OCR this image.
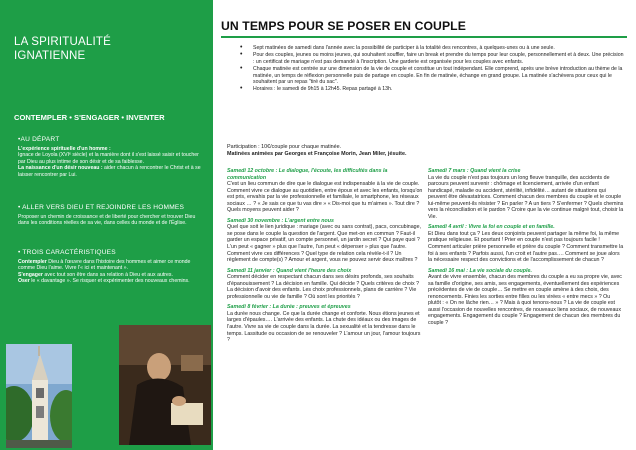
LA SPIRITUALITÉ
IGNATIENNE
CONTEMPLER • S'ENGAGER • INVENTER
•AU DÉPART

L'expérience spirituelle d'un homme :
Ignace de Loyola (XVIᵉ siècle) et la manière dont il s'est laissé saisir et toucher par Dieu au plus intime de son désir et de sa faiblesse.

La naissance d'un désir nouveau : aider chacun à rencontrer le Christ et à se laisser rencontrer par Lui.

• ALLER VERS DIEU ET REJOINDRE LES HOMMES

Proposer un chemin de croissance et de liberté pour chercher et trouver Dieu dans les conditions réelles de sa vie, dans celles du monde et de l'Église.

• TROIS CARACTÉRISTIQUES

Contempler Dieu à l'œuvre dans l'histoire des hommes et aimer ce monde comme Dieu l'aime. Vivre l'« ici et maintenant ».

S'engager avec tout son être dans sa relation à Dieu et aux autres.

Oser le « davantage ». Se risquer et expérimenter des nouveaux chemins.

UN TEMPS POUR SE POSER EN COUPLE
• Sept matinées de samedi dans l'année avec la possibilité de participer à la totalité des rencontres, à quelques-unes ou à une seule.
• Pour des couples, jeunes ou moins jeunes, qui souhaitent souffler, faire un break et prendre du temps pour leur couple, personnellement et à deux. Une précision : un certificat de mariage n'est pas demandé à l'inscription. Une garderie est organisée pour les couples avec enfants.
• Chaque matinée est centrée sur une dimension de la vie de couple et constitue un tout indépendant. Elle comprend, après une brève introduction au thème de la matinée, un temps de réflexion personnelle puis de partage en couple. En fin de matinée, échange en grand groupe. La matinée s'achèvera pour ceux qui le souhaitent par un repas "tiré du sac".
• Horaires : le samedi de 9h15 à 12h45. Repas partagé à 13h.
Participation : 10€/couple pour chaque matinée.
Matinées animées par Georges et Françoise Morin, Jean Miler, jésuite.
Samedi 12 octobre : Le dialogue, l'écoute, les difficultés dans la communication

C'est un lieu commun de dire que le dialogue est indispensable à la vie de couple. Comment vivre ce dialogue au quotidien, entre époux et avec les enfants, lorsqu'on est pris, envahis par la vie professionnelle et familiale, le smartphone, les réseaux sociaux … ? « Je sais ce que tu vas dire » « Dis-moi que tu m'aimes ». Tout dire ? Quels moyens peuvent aider ?

Samedi 30 novembre : L'argent entre nous

Quel que soit le lien juridique : mariage (avec ou sans contrat), pacs, concubinage, se pose dans le couple la question de l'argent. Que met-on en commun ? Faut-il garder un espace privatif, un compte personnel, un jardin secret ? Qui paye quoi ? L'un peut « gagner » plus que l'autre, l'un peut « dépenser » plus que l'autre. Comment vivre ces différences ? Quel type de relation cela révèle-t-il ? Un règlement de compte(s) ? Amour et argent, vous ne pouvez servir deux maîtres ?

Samedi 11 janvier : Quand vient l'heure des choix

Comment décider en respectant chacun dans ses désirs profonds, ses souhaits d'épanouissement ? La décision en famille. Qui décide ? Quels critères de choix ? La décision d'avoir des enfants. Les choix professionnels, plans de carrière ? Vie professionnelle ou vie de famille ? Où sont les priorités ?

Samedi 8 février : La durée : preuves et épreuves

La durée nous change. Ce que la durée change et conforte. Nous étions jeunes et larges d'épaules…. L'arrivée des enfants. La chute des idéaux ou des images de l'autre. Vivre sa vie de couple dans la durée. La sexualité et la tendresse dans le temps. Lassitude ou occasion de se renouveler ? L'amour un jour, l'amour toujours ?

Samedi 7 mars : Quand vient la crise

La vie du couple n'est pas toujours un long fleuve tranquille, des accidents de parcours peuvent survenir : chômage et licenciement, arrivée d'un enfant handicapé, maladie ou accident, stérilité, infidélité… autant de situations qui peuvent être dévastatrices. Comment chacun des membres du couple et le couple lui-même peuvent-ils résister ? En parler ? A un tiers ? S'enfermer ? Quels chemins vers la réconciliation et le pardon ? Croire que la vie continue malgré tout, choisir la Vie.

Samedi 4 avril : Vivre la foi en couple et en famille.

Et Dieu dans tout ça ? Les deux conjoints peuvent partager la même foi, la même pratique religieuse. Et pourtant ! Prier en couple n'est pas toujours facile ! Comment articuler prière personnelle et prière du couple ? Comment transmettre la foi à ses enfants ? Parfois aussi, l'un croit et l'autre pas…. Comment se joue alors la nécessaire respect des convictions et de l'accomplissement de chacun ?

Samedi 16 mai : La vie sociale du couple.

Avant de vivre ensemble, chacun des membres du couple a eu sa propre vie, avec sa famille d'origine, ses amis, ses engagements, éventuellement des expériences précédentes de vie de couple… Se mettre en couple amène à des choix, des renoncements. Finies les sorties entre filles ou les virées « entre mecs » ? Ou plutôt : « On ne lâche rien… » ? Mais à quoi tenons-nous ? La vie de couple est aussi l'occasion de nouvelles rencontres, de nouveaux liens sociaux, de nouveaux engagements. Engagement du couple ? Engagement de chacun des membres du couple ?
